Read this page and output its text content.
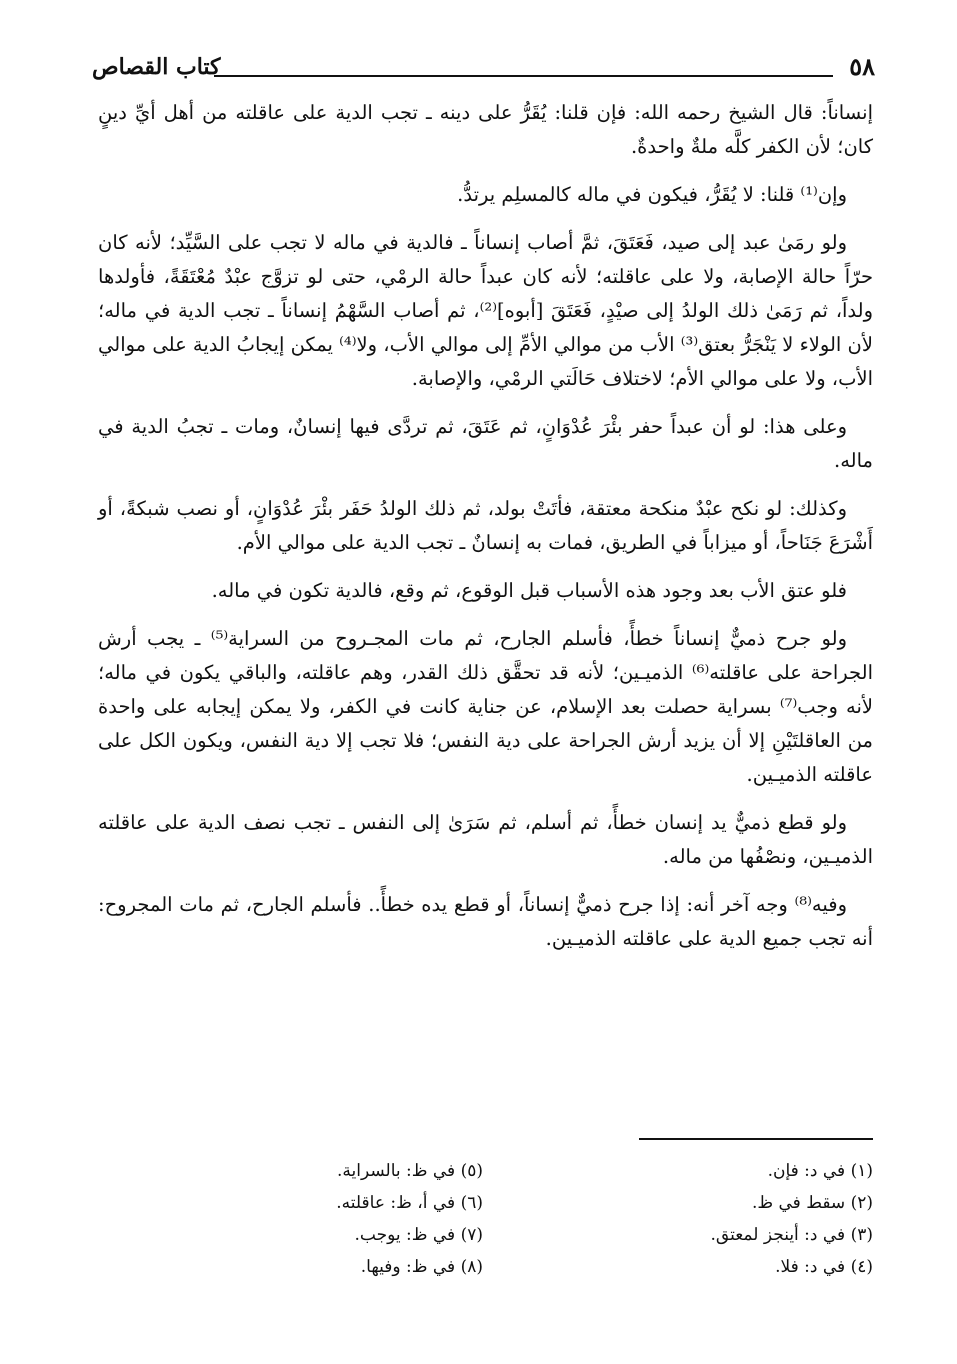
٥٨
كتاب القصاص

إنساناً: قال الشيخ رحمه الله: فإن قلنا: يُقَرُّ على دينه ـ تجب الدية على عاقلته من أهل أيِّ دينٍ كان؛ لأن الكفر كلَّه ملةٌ واحدةٌ.

وإن⁽¹⁾ قلنا: لا يُقَرُّ، فيكون في ماله كالمسلِم يرتدُّ.

ولو رمَىٰ عبد إلى صيد، فَعَتَقَ، ثمَّ أصاب إنساناً ـ فالدية في ماله لا تجب على السَّيِّد؛ لأنه كان حرّاً حالة الإصابة، ولا على عاقلته؛ لأنه كان عبداً حالة الرمْي، حتى لو تزوَّج عبْدٌ مُعْتَقَةً، فأولدها ولداً، ثم رَمَىٰ ذلك الولدُ إلى صيْدٍ، فَعَتَقَ [أبوه]⁽²⁾، ثم أصاب السَّهْمُ إنساناً ـ تجب الدية في ماله؛ لأن الولاء لا يَنْجَرُّ بعتق⁽³⁾ الأب من موالي الأمِّ إلى موالي الأب، ولا⁽⁴⁾ يمكن إيجابُ الدية على موالي الأب، ولا على موالي الأم؛ لاختلاف حَالَتي الرمْي، والإصابة.

وعلى هذا: لو أن عبداً حفر بئْرَ عُدْوَانٍ، ثم عَتَقَ، ثم تردَّى فيها إنسانٌ، ومات ـ تجبُ الدية في ماله.

وكذلك: لو نكح عبْدٌ منكحة معتقة، فأتَتْ بولد، ثم ذلك الولدُ حَفَر بئْرَ عُدْوَانٍ، أو نصب شبكةً، أو أَشْرَعَ جَنَاحاً، أو ميزاباً في الطريق، فمات به إنسانٌ ـ تجب الدية على موالي الأم.

فلو عتق الأب بعد وجود هذه الأسباب قبل الوقوع، ثم وقع، فالدية تكون في ماله.

ولو جرح ذميٌّ إنساناً خطأً، فأسلم الجارح، ثم مات المجـروح من السراية⁽⁵⁾ ـ يجب أرش الجراحة على عاقلته⁽⁶⁾ الذميـين؛ لأنه قد تحقَّق ذلك القدر، وهم عاقلته، والباقي يكون في ماله؛ لأنه وجب⁽⁷⁾ بسراية حصلت بعد الإسلام، عن جناية كانت في الكفر، ولا يمكن إيجابه على واحدة من العاقلتَيْنِ إلا أن يزيد أرش الجراحة على دية النفس؛ فلا تجب إلا دية النفس، ويكون الكل على عاقلته الذميـين.

ولو قطع ذميٌّ يد إنسان خطأً، ثم أسلم، ثم سَرَىٰ إلى النفس ـ تجب نصف الدية على عاقلته الذميـين، ونصْفُها من ماله.

وفيه⁽⁸⁾ وجه آخر أنه: إذا جرح ذميٌّ إنساناً، أو قطع يده خطأً.. فأسلم الجارح، ثم مات المجروح: أنه تجب جميع الدية على عاقلته الذميـين.

(١) في د: فإن.
(٢) سقط في ظ.
(٣) في د: أينجز لمعتق.
(٤) في د: فلا.
(٥) في ظ: بالسراية.
(٦) في أ، ظ: عاقلته.
(٧) في ظ: يوجب.
(٨) في ظ: وفيها.
